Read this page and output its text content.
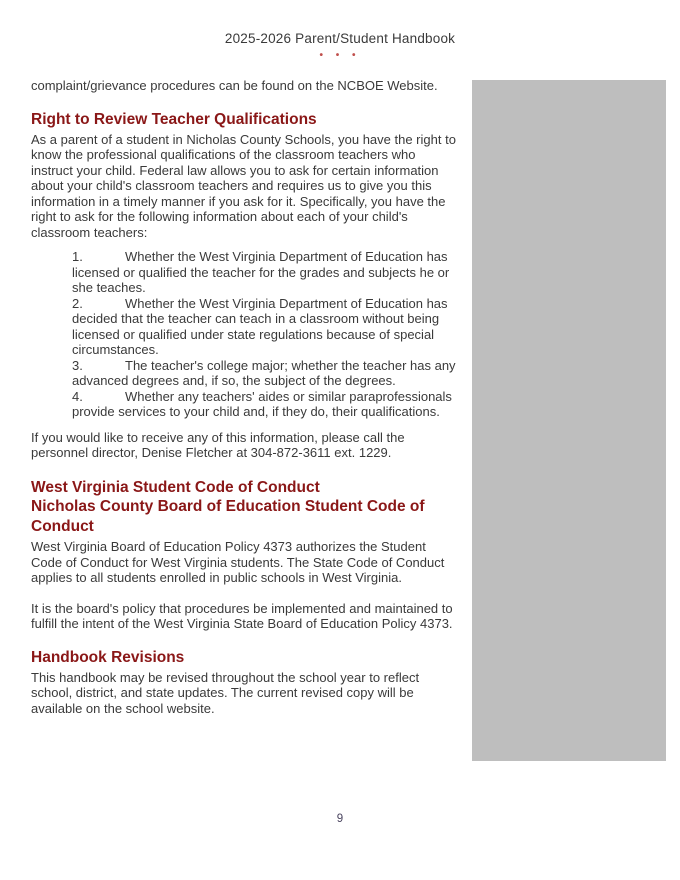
2025-2026 Parent/Student Handbook
• • •

complaint/grievance procedures can be found on the NCBOE Website.

Right to Review Teacher Qualifications

As a parent of a student in Nicholas County Schools, you have the right to know the professional qualifications of the classroom teachers who instruct your child. Federal law allows you to ask for certain information about your child's classroom teachers and requires us to give you this information in a timely manner if you ask for it. Specifically, you have the right to ask for the following information about each of your child's classroom teachers:

1.	Whether the West Virginia Department of Education has licensed or qualified the teacher for the grades and subjects he or she teaches.

2.	Whether the West Virginia Department of Education has decided that the teacher can teach in a classroom without being licensed or qualified under state regulations because of special circumstances.

3.	The teacher's college major; whether the teacher has any advanced degrees and, if so, the subject of the degrees.

4.	Whether any teachers' aides or similar paraprofessionals provide services to your child and, if they do, their qualifications.

If you would like to receive any of this information, please call the personnel director, Denise Fletcher at 304-872-3611 ext. 1229.

West Virginia Student Code of Conduct
Nicholas County Board of Education Student Code of Conduct

West Virginia Board of Education Policy 4373 authorizes the Student Code of Conduct for West Virginia students. The State Code of Conduct applies to all students enrolled in public schools in West Virginia.

It is the board's policy that procedures be implemented and maintained to fulfill the intent of the West Virginia State Board of Education Policy 4373.

Handbook Revisions

This handbook may be revised throughout the school year to reflect school, district, and state updates. The current revised copy will be available on the school website.

9
